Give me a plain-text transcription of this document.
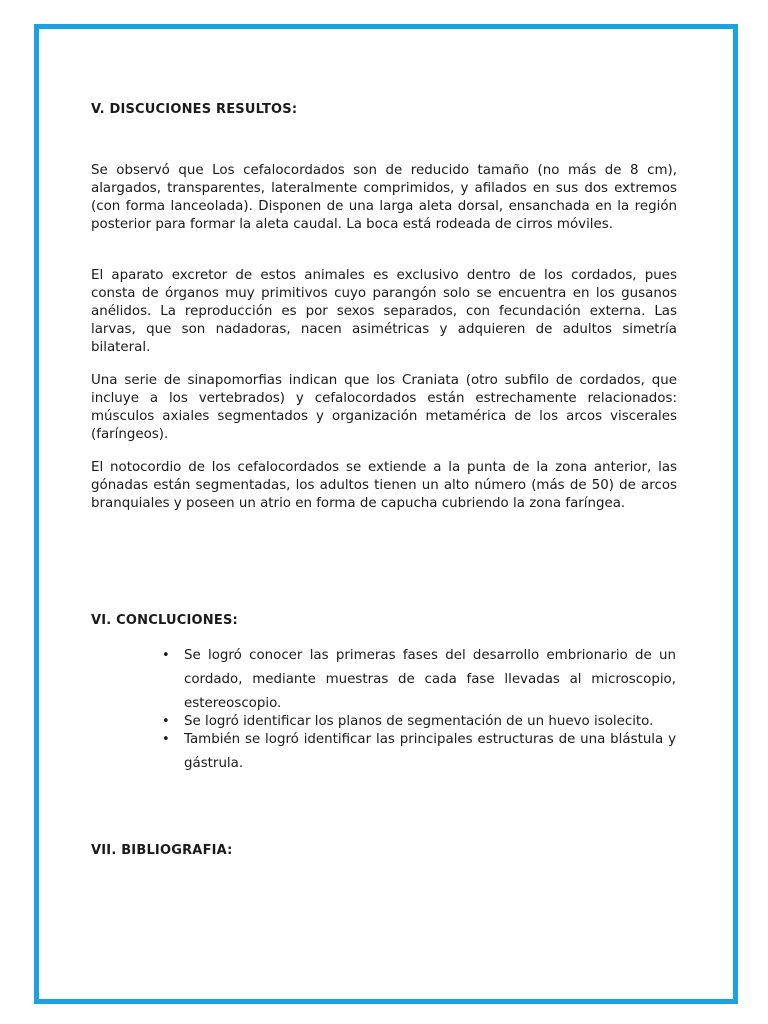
V. DISCUCIONES RESULTOS:

Se observó que Los cefalocordados son de reducido tamaño (no más de 8 cm), alargados, transparentes, lateralmente comprimidos, y afilados en sus dos extremos (con forma lanceolada). Disponen de una larga aleta dorsal, ensanchada en la región posterior para formar la aleta caudal. La boca está rodeada de cirros móviles.

El aparato excretor de estos animales es exclusivo dentro de los cordados, pues consta de órganos muy primitivos cuyo parangón solo se encuentra en los gusanos anélidos. La reproducción es por sexos separados, con fecundación externa. Las larvas, que son nadadoras, nacen asimétricas y adquieren de adultos simetría bilateral.

Una serie de sinapomorfias indican que los Craniata (otro subfilo de cordados, que incluye a los vertebrados) y cefalocordados están estrechamente relacionados: músculos axiales segmentados y organización metamérica de los arcos viscerales (faríngeos).

El notocordio de los cefalocordados se extiende a la punta de la zona anterior, las gónadas están segmentadas, los adultos tienen un alto número (más de 50) de arcos branquiales y poseen un atrio en forma de capucha cubriendo la zona faríngea.

VI. CONCLUCIONES:
VII. BIBLIOGRAFIA:
• Se logró conocer las primeras fases del desarrollo embrionario de un cordado, mediante muestras de cada fase llevadas al microscopio, estereoscopio.
• Se logró identificar los planos de segmentación de un huevo isolecito.
• También se logró identificar las principales estructuras de una blástula y gástrula.
